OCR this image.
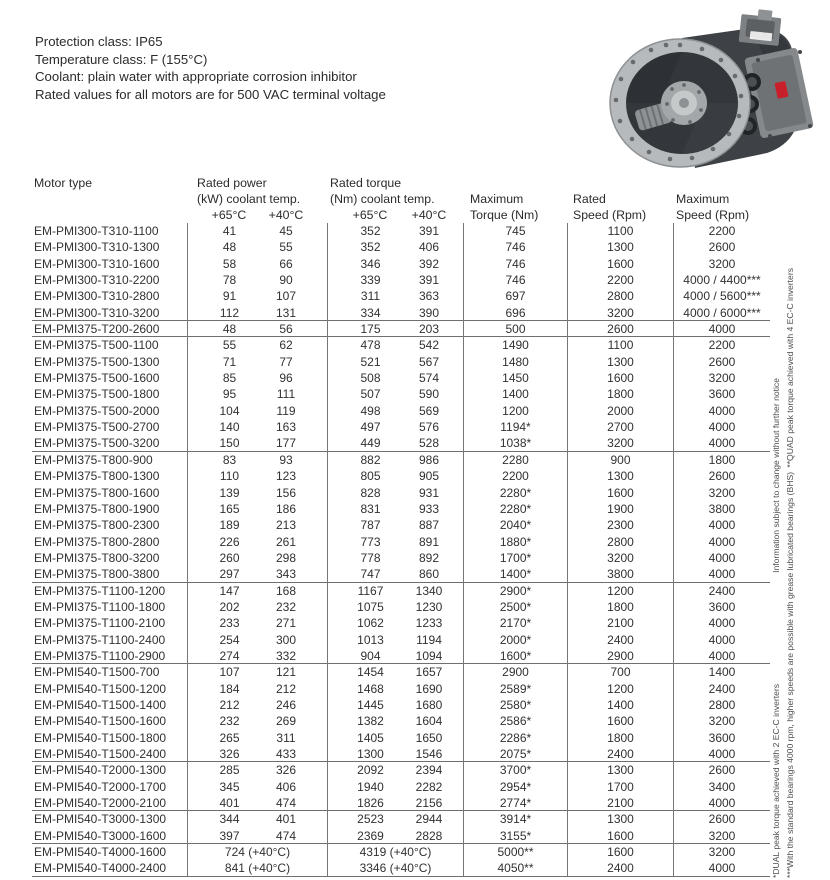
Protection class: IP65
Temperature class: F (155°C)
Coolant: plain water with appropriate corrosion inhibitor
Rated values for all motors are for 500 VAC terminal voltage
Motor type	Rated power	Rated torque
(kW) coolant temp.	(Nm) coolant temp.	Maximum	Rated	Maximum
+65°C	+40°C	+65°C	+40°C	Torque (Nm)	Speed (Rpm)	Speed (Rpm)
EM-PMI300-T310-1100	41	45	352	391	745	1100	2200
EM-PMI300-T310-1300	48	55	352	406	746	1300	2600
EM-PMI300-T310-1600	58	66	346	392	746	1600	3200
EM-PMI300-T310-2200	78	90	339	391	746	2200	4000 / 4400***
EM-PMI300-T310-2800	91	107	311	363	697	2800	4000 / 5600***
EM-PMI300-T310-3200	112	131	334	390	696	3200	4000 / 6000***
EM-PMI375-T200-2600	48	56	175	203	500	2600	4000
EM-PMI375-T500-1100	55	62	478	542	1490	1100	2200
EM-PMI375-T500-1300	71	77	521	567	1480	1300	2600
EM-PMI375-T500-1600	85	96	508	574	1450	1600	3200
EM-PMI375-T500-1800	95	111	507	590	1400	1800	3600
EM-PMI375-T500-2000	104	119	498	569	1200	2000	4000
EM-PMI375-T500-2700	140	163	497	576	1194*	2700	4000
EM-PMI375-T500-3200	150	177	449	528	1038*	3200	4000
EM-PMI375-T800-900	83	93	882	986	2280	900	1800
EM-PMI375-T800-1300	110	123	805	905	2200	1300	2600
EM-PMI375-T800-1600	139	156	828	931	2280*	1600	3200
EM-PMI375-T800-1900	165	186	831	933	2280*	1900	3800
EM-PMI375-T800-2300	189	213	787	887	2040*	2300	4000
EM-PMI375-T800-2800	226	261	773	891	1880*	2800	4000
EM-PMI375-T800-3200	260	298	778	892	1700*	3200	4000
EM-PMI375-T800-3800	297	343	747	860	1400*	3800	4000
EM-PMI375-T1100-1200	147	168	1167	1340	2900*	1200	2400
EM-PMI375-T1100-1800	202	232	1075	1230	2500*	1800	3600
EM-PMI375-T1100-2100	233	271	1062	1233	2170*	2100	4000
EM-PMI375-T1100-2400	254	300	1013	1194	2000*	2400	4000
EM-PMI375-T1100-2900	274	332	904	1094	1600*	2900	4000
EM-PMI540-T1500-700	107	121	1454	1657	2900	700	1400
EM-PMI540-T1500-1200	184	212	1468	1690	2589*	1200	2400
EM-PMI540-T1500-1400	212	246	1445	1680	2580*	1400	2800
EM-PMI540-T1500-1600	232	269	1382	1604	2586*	1600	3200
EM-PMI540-T1500-1800	265	311	1405	1650	2286*	1800	3600
EM-PMI540-T1500-2400	326	433	1300	1546	2075*	2400	4000
EM-PMI540-T2000-1300	285	326	2092	2394	3700*	1300	2600
EM-PMI540-T2000-1700	345	406	1940	2282	2954*	1700	3400
EM-PMI540-T2000-2100	401	474	1826	2156	2774*	2100	4000
EM-PMI540-T3000-1300	344	401	2523	2944	3914*	1300	2600
EM-PMI540-T3000-1600	397	474	2369	2828	3155*	1600	3200
EM-PMI540-T4000-1600	724 (+40°C)	4319 (+40°C)	5000**	1600	3200
EM-PMI540-T4000-2400	841 (+40°C)	3346 (+40°C)	4050**	2400	4000	*DUAL peak torque achieved with 2 EC-C inverters
Information subject to change without further notice ***With the standard bearings 4000 rpm, higher speeds are possible with grease lubricated bearings (BHS)
**QUAD peak torque achieved with 4 EC-C inverters
